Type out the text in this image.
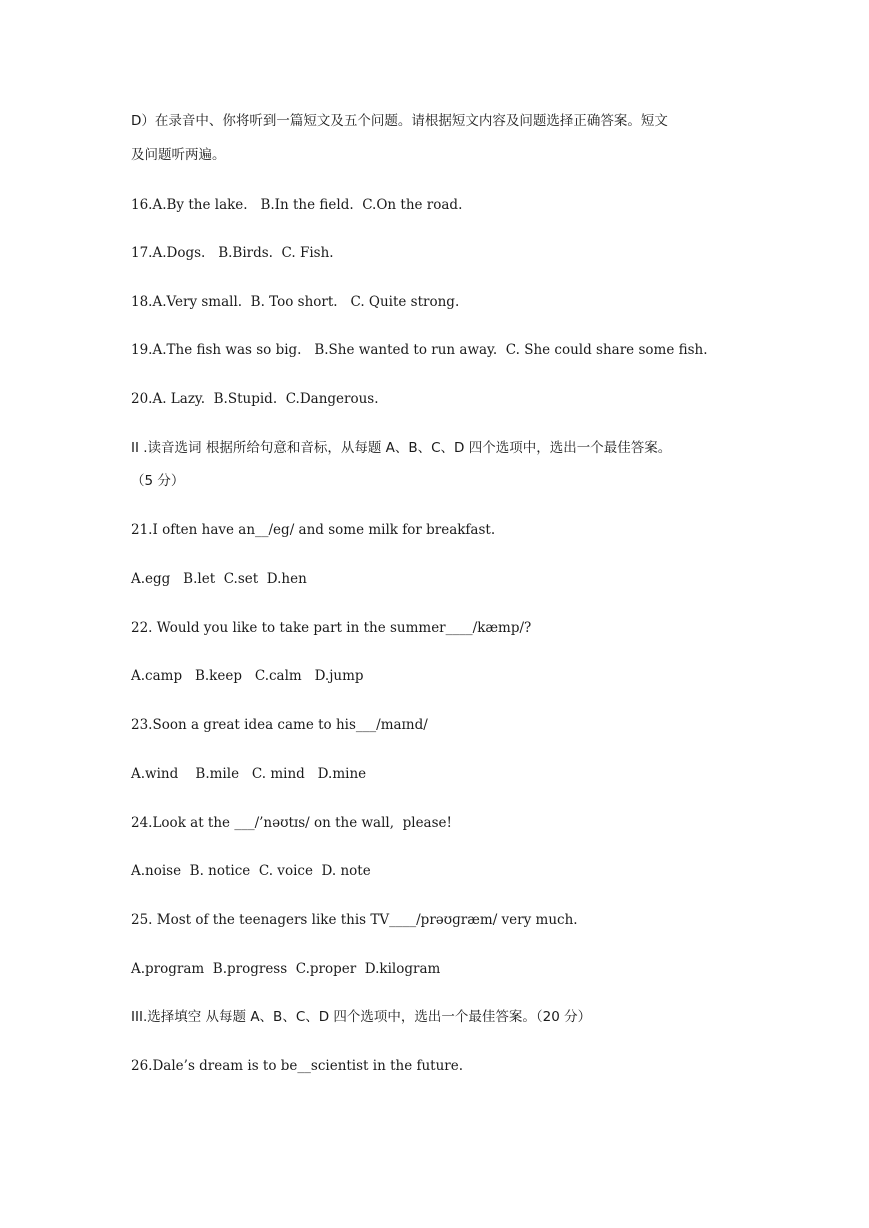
D）在录音中、你将听到一篇短文及五个问题。请根据短文内容及问题选择正确答案。短文
及问题听两遍。
16.A.By the lake.   B.In the field.  C.On the road.
17.A.Dogs.   B.Birds.  C. Fish.
18.A.Very small.  B. Too short.   C. Quite strong.
19.A.The fish was so big.   B.She wanted to run away.  C. She could share some fish.
20.A. Lazy.  B.Stupid.  C.Dangerous.
II .读音选词 根据所给句意和音标，从每题 A、B、C、D 四个选项中，选出一个最佳答案。
（5 分）
21.I often have an__/eg/ and some milk for breakfast.
A.egg   B.let  C.set  D.hen
22. Would you like to take part in the summer____/kæmp/?
A.camp   B.keep   C.calm   D.jump
23.Soon a great idea came to his___/maɪnd/
A.wind    B.mile   C. mind   D.mine
24.Look at the ___/’nəʊtɪs/ on the wall,  please!
A.noise  B. notice  C. voice  D. note
25. Most of the teenagers like this TV____/prəʊɡræm/ very much.
A.program  B.progress  C.proper  D.kilogram
III.选择填空 从每题 A、B、C、D 四个选项中，选出一个最佳答案。（20 分）
26.Dale’s dream is to be__scientist in the future.
